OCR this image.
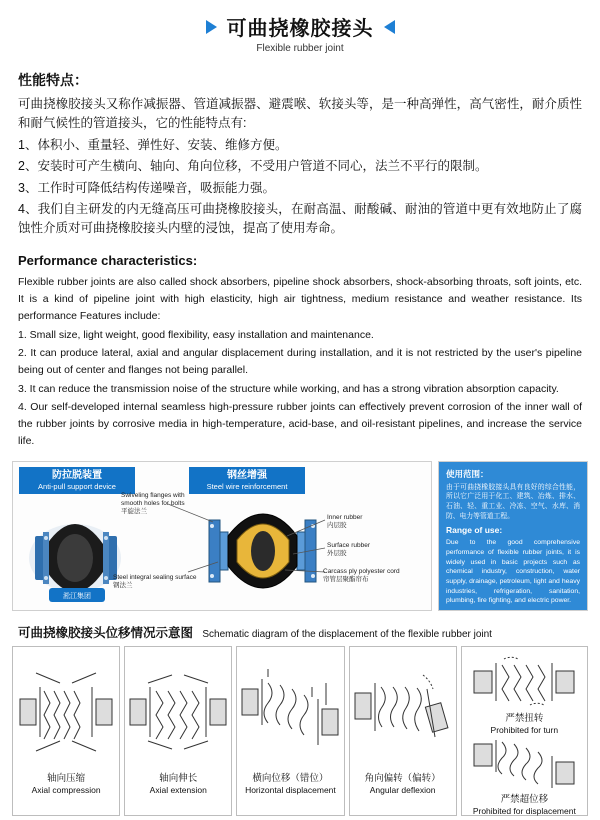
可曲挠橡胶接头
Flexible rubber joint
性能特点：

可曲挠橡胶接头又称作减振器、管道减振器、避震喉、软接头等，是一种高弹性，高气密性，耐介质性和耐气候性的管道接头，它的性能特点有:

1、体积小、重量轻、弹性好、安装、维修方便。

2、安装时可产生横向、轴向、角向位移，不受用户管道不同心，法兰不平行的限制。

3、工作时可降低结构传递噪音，吸振能力强。

4、我们自主研发的内无缝高压可曲挠橡胶接头，在耐高温、耐酸碱、耐油的管道中更有效地防止了腐蚀性介质对可曲挠橡胶接头内壁的浸蚀，提高了使用寿命。

Performance characteristics:

Flexible rubber joints are also called shock absorbers, pipeline shock absorbers, shock-absorbing throats, soft joints, etc. It is a kind of pipeline joint with high elasticity, high air tightness, medium resistance and weather resistance. Its performance Features include:

1. Small size, light weight, good flexibility, easy installation and maintenance.

2. It can produce lateral, axial and angular displacement during installation, and it is not restricted by the user's pipeline being out of center and flanges not being parallel.

3. It can reduce the transmission noise of the structure while working, and has a strong vibration absorption capacity.

4. Our self-developed internal seamless high-pressure rubber joints can effectively prevent corrosion of the inner wall of the rubber joints by corrosive media in high-temperature, acid-base, and oil-resistant pipelines, and increase the service life.

防拉脱装置
Anti-pull support device
钢丝增强
Steel wire reinforcement
淞江集团
Swiveling flanges with
smooth holes for bolts
平旋法兰
Steel integral sealing surface
钢法兰
Inner rubber
内层胶
Surface rubber
外层胶
Carcass ply polyester cord
帘管层聚酯帘布
使用范围：

由于可曲挠橡胶接头具有良好的综合性能，所以它广泛用于化工、建筑、冶炼、排水、石油、轻、重工业、冷冻、空气、水库、消防、电力等管道工程。

Range of use:

Due to the good comprehensive performance of flexible rubber joints, it is widely used in basic projects such as chemical industry, construction, water supply, drainage, petroleum, light and heavy industries, refrigeration, sanitation, plumbing, fire fighting, and electric power.

可曲挠橡胶接头位移情况示意图 Schematic diagram of the displacement of the flexible rubber joint
轴向压缩
Axial compression
轴向伸长
Axial extension
横向位移（错位）
Horizontal displacement
角向偏转（偏转）
Angular deflexion
严禁扭转
Prohibited for turn
严禁超位移
Prohibited for displacement
